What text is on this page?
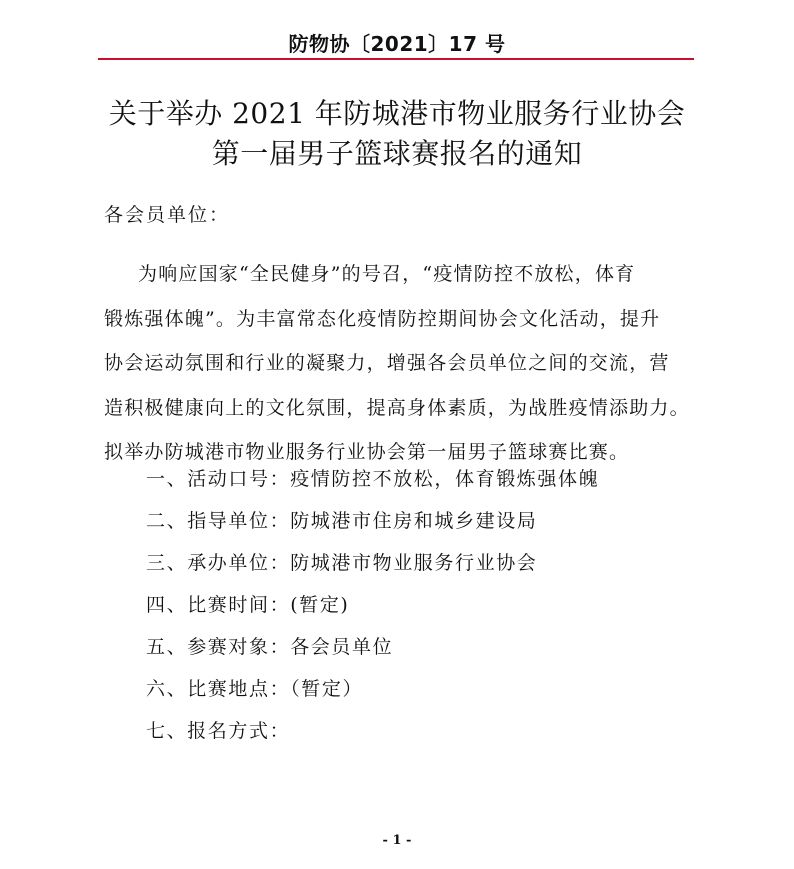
防物协〔2021〕17 号
关于举办 2021 年防城港市物业服务行业协会
第一届男子篮球赛报名的通知
各会员单位：
为响应国家“全民健身”的号召，“疫情防控不放松，体育
锻炼强体魄”。为丰富常态化疫情防控期间协会文化活动，提升
协会运动氛围和行业的凝聚力，增强各会员单位之间的交流，营
造积极健康向上的文化氛围，提高身体素质，为战胜疫情添助力。
拟举办防城港市物业服务行业协会第一届男子篮球赛比赛。
一、活动口号：疫情防控不放松，体育锻炼强体魄
二、指导单位：防城港市住房和城乡建设局
三、承办单位：防城港市物业服务行业协会
四、比赛时间：(暂定)
五、参赛对象：各会员单位
六、比赛地点：（暂定）
七、报名方式：
- 1 -
